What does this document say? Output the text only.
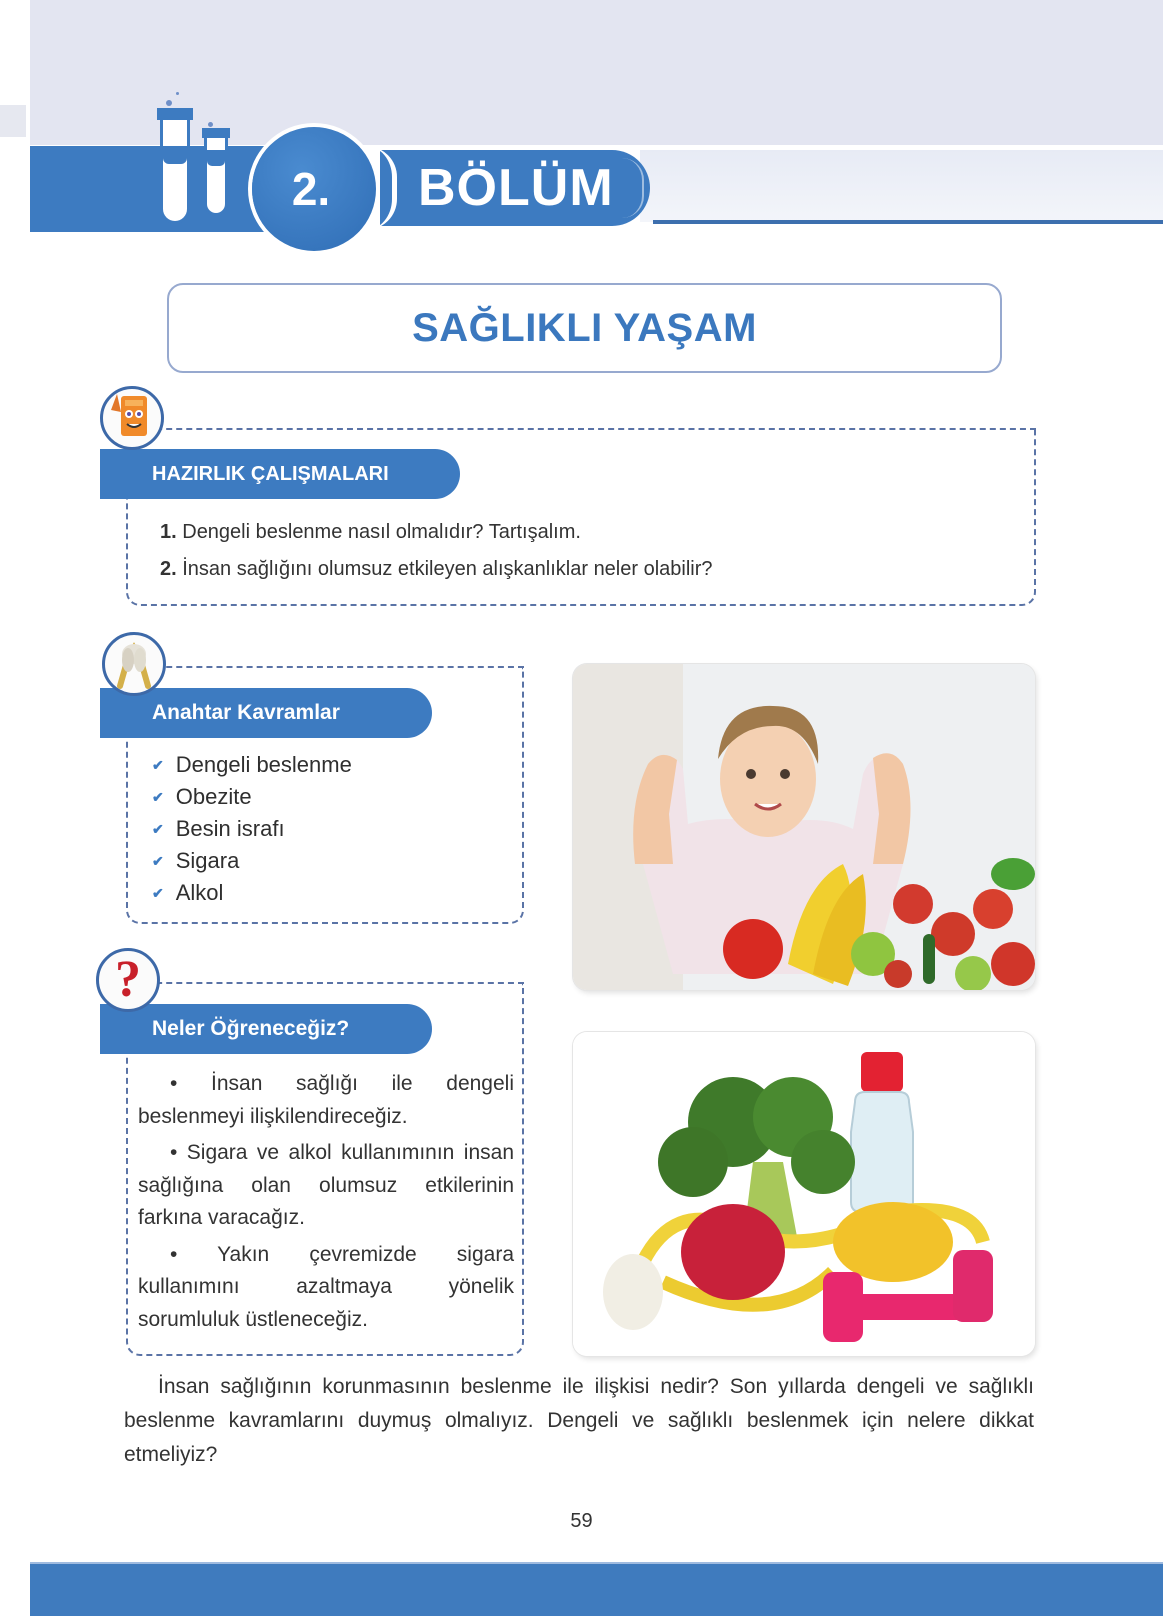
2. BÖLÜM
SAĞLIKLI YAŞAM
HAZIRLIK ÇALIŞMALARI
1. Dengeli beslenme nasıl olmalıdır? Tartışalım.
2. İnsan sağlığını olumsuz etkileyen alışkanlıklar neler olabilir?
Anahtar Kavramlar
✔ Dengeli beslenme
✔ Obezite
✔ Besin israfı
✔ Sigara
✔ Alkol
Neler Öğreneceğiz?
?

• İnsan sağlığı ile dengeli beslenmeyi ilişkilendireceğiz.

• Sigara ve alkol kullanımının insan sağlığına olan olumsuz etkilerinin farkına varacağız.

• Yakın çevremizde sigara kullanımını azaltmaya yönelik sorumluluk üstleneceğiz.

İnsan sağlığının korunmasının beslenme ile ilişkisi nedir? Son yıllarda dengeli ve sağlıklı beslenme kavramlarını duymuş olmalıyız. Dengeli ve sağlıklı beslenmek için nelere dikkat etmeliyiz?

59
